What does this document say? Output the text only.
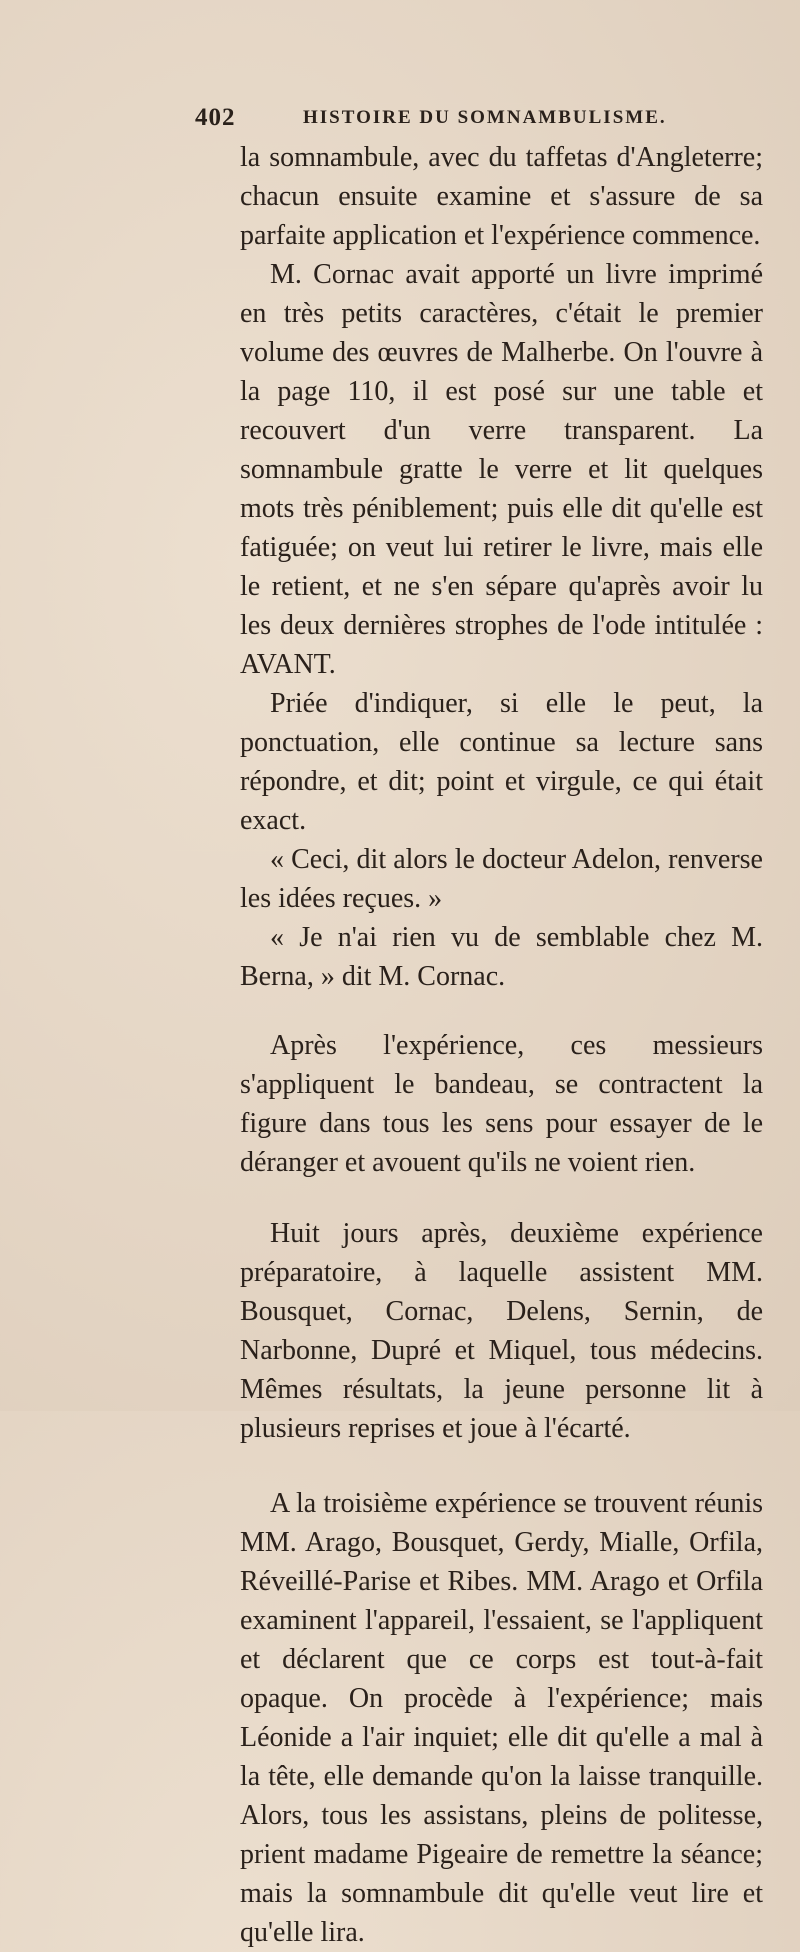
402	HISTOIRE DU SOMNAMBULISME.

la somnambule, avec du taffetas d'Angleterre; chacun ensuite examine et s'assure de sa parfaite application et l'expérience commence.

M. Cornac avait apporté un livre imprimé en très petits caractères, c'était le premier volume des œuvres de Malherbe. On l'ouvre à la page 110, il est posé sur une table et recouvert d'un verre transparent. La somnambule gratte le verre et lit quelques mots très péniblement; puis elle dit qu'elle est fatiguée; on veut lui retirer le livre, mais elle le retient, et ne s'en sépare qu'après avoir lu les deux dernières strophes de l'ode intitulée : AVANT.

Priée d'indiquer, si elle le peut, la ponctuation, elle continue sa lecture sans répondre, et dit; point et virgule, ce qui était exact.

« Ceci, dit alors le docteur Adelon, renverse les idées reçues. »

« Je n'ai rien vu de semblable chez M. Berna, » dit M. Cornac.

Après l'expérience, ces messieurs s'appliquent le bandeau, se contractent la figure dans tous les sens pour essayer de le déranger et avouent qu'ils ne voient rien.

Huit jours après, deuxième expérience préparatoire, à laquelle assistent MM. Bousquet, Cornac, Delens, Sernin, de Narbonne, Dupré et Miquel, tous médecins. Mêmes résultats, la jeune personne lit à plusieurs reprises et joue à l'écarté.

A la troisième expérience se trouvent réunis MM. Arago, Bousquet, Gerdy, Mialle, Orfila, Réveillé-Parise et Ribes. MM. Arago et Orfila examinent l'appareil, l'essaient, se l'appliquent et déclarent que ce corps est tout-à-fait opaque. On procède à l'expérience; mais Léonide a l'air inquiet; elle dit qu'elle a mal à la tête, elle demande qu'on la laisse tranquille. Alors, tous les assistans, pleins de politesse, prient madame Pigeaire de remettre la séance; mais la somnambule dit qu'elle veut lire et qu'elle lira.
